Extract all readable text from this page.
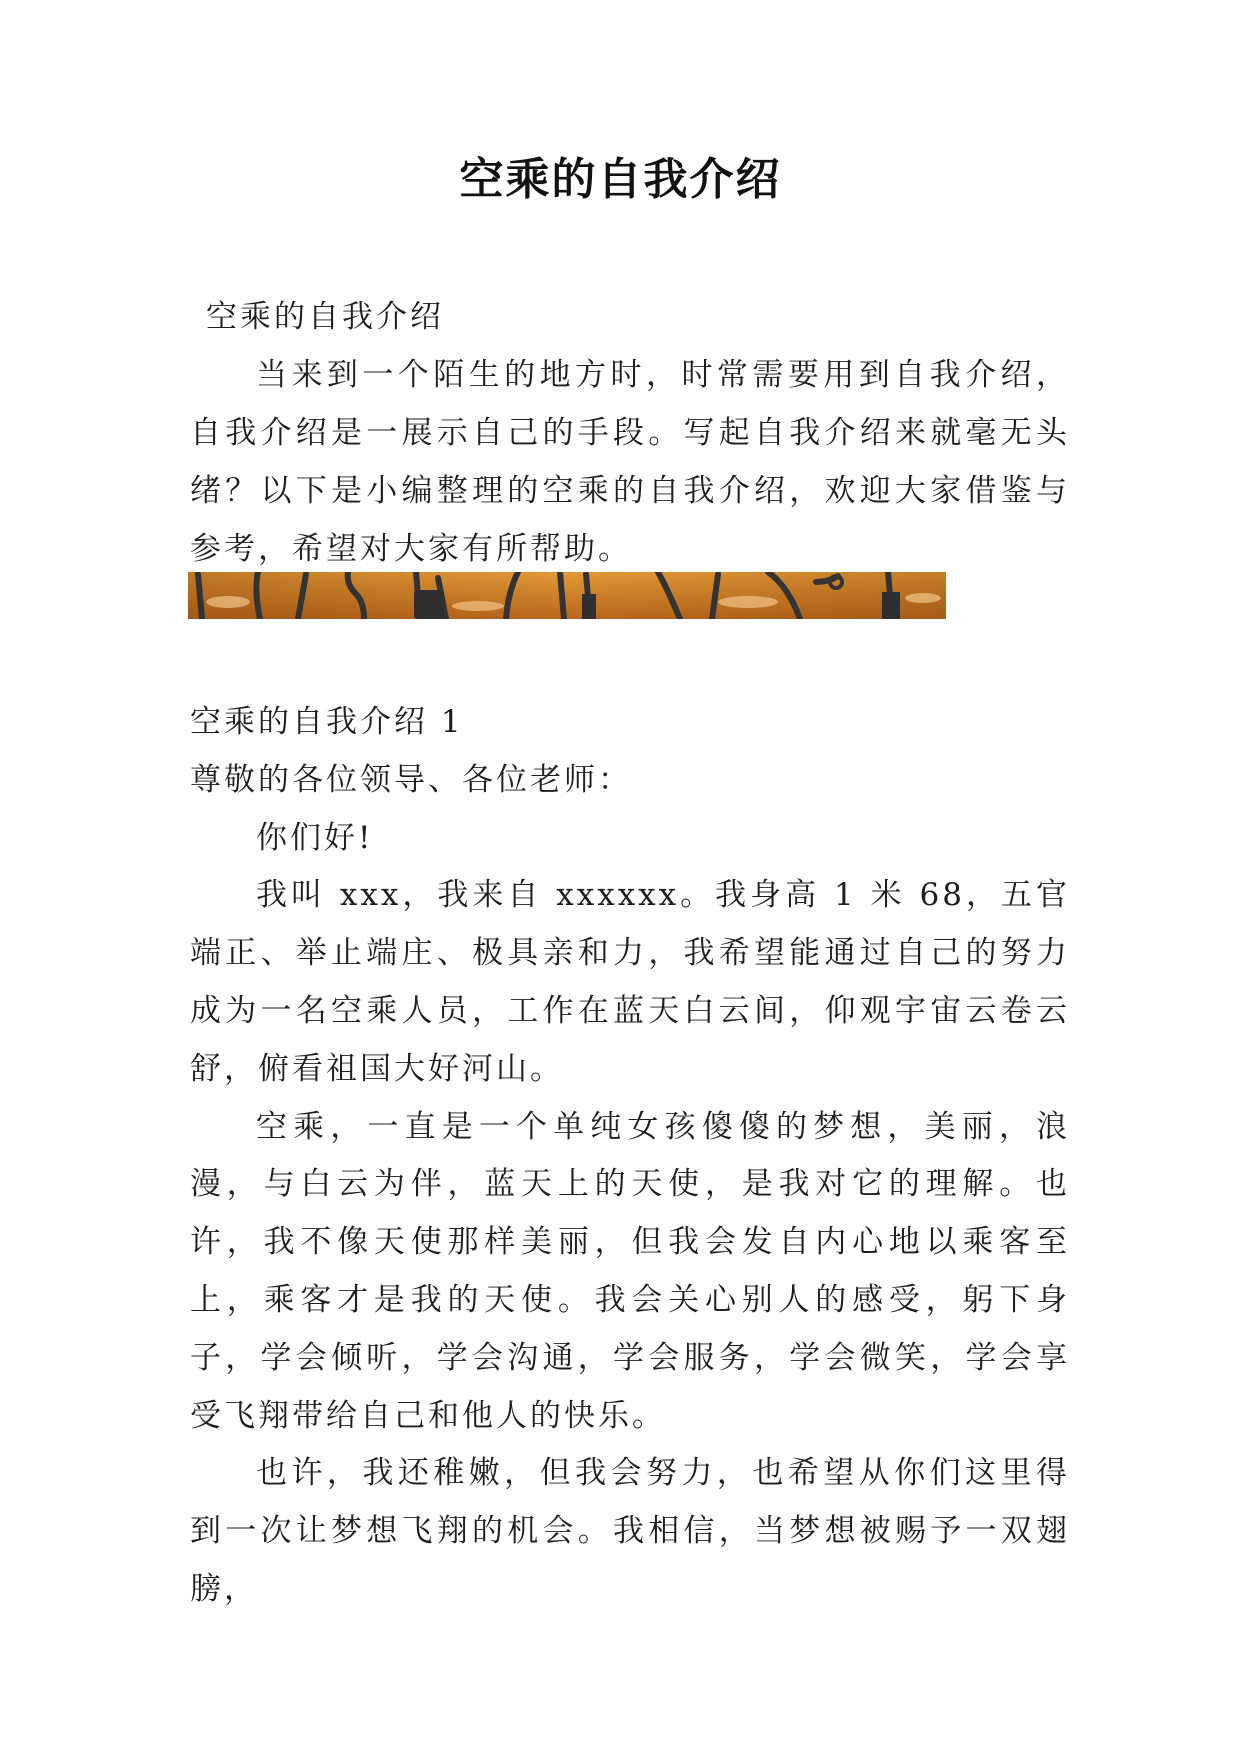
空乘的自我介绍

空乘的自我介绍

当来到一个陌生的地方时，时常需要用到自我介绍，自我介绍是一展示自己的手段。写起自我介绍来就毫无头绪？以下是小编整理的空乘的自我介绍，欢迎大家借鉴与参考，希望对大家有所帮助。

空乘的自我介绍 1

尊敬的各位领导、各位老师：

你们好!

我叫 xxx，我来自 xxxxxx。我身高 1 米 68，五官端正、举止端庄、极具亲和力，我希望能通过自己的努力成为一名空乘人员，工作在蓝天白云间，仰观宇宙云卷云舒，俯看祖国大好河山。

空乘，一直是一个单纯女孩傻傻的梦想，美丽，浪漫，与白云为伴，蓝天上的天使，是我对它的理解。也许，我不像天使那样美丽，但我会发自内心地以乘客至上，乘客才是我的天使。我会关心别人的感受，躬下身子，学会倾听，学会沟通，学会服务，学会微笑，学会享受飞翔带给自己和他人的快乐。

也许，我还稚嫩，但我会努力，也希望从你们这里得到一次让梦想飞翔的机会。我相信，当梦想被赐予一双翅膀，
